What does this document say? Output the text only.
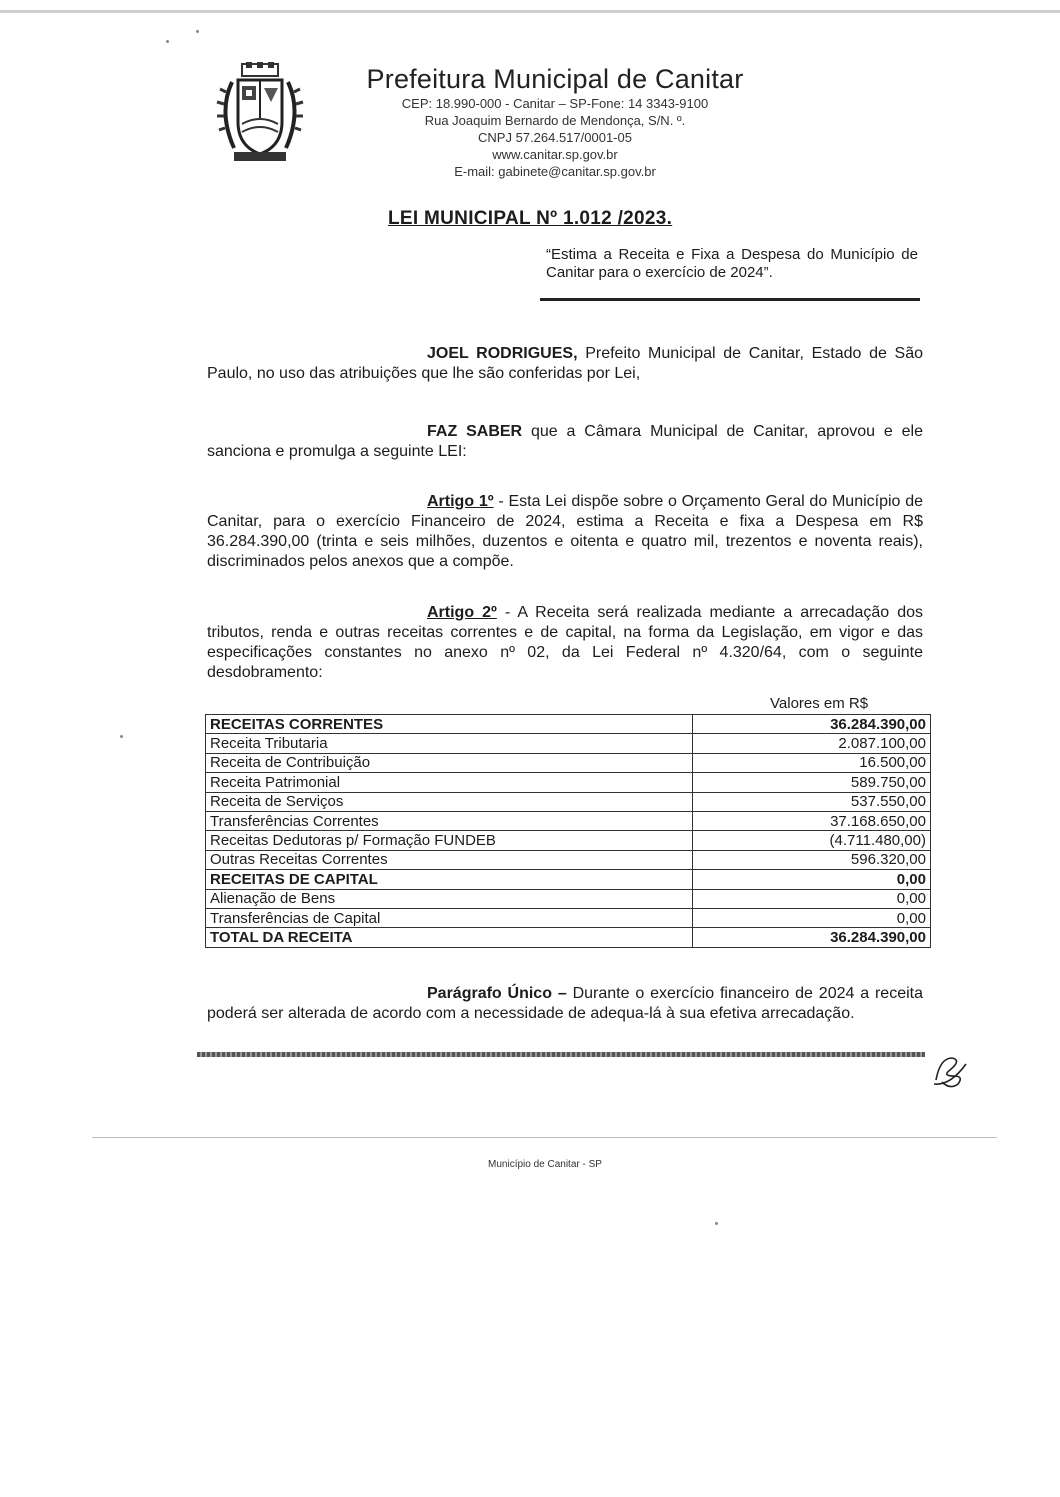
Prefeitura Municipal de Canitar
CEP: 18.990-000 - Canitar – SP-Fone: 14 3343-9100
Rua Joaquim Bernardo de Mendonça, S/N. º.
CNPJ 57.264.517/0001-05
www.canitar.sp.gov.br
E-mail: gabinete@canitar.sp.gov.br
LEI MUNICIPAL Nº 1.012 /2023.
“Estima a Receita e Fixa a Despesa do Município de Canitar para o exercício de 2024”.
JOEL RODRIGUES, Prefeito Municipal de Canitar, Estado de São Paulo, no uso das atribuições que lhe são conferidas por Lei,
FAZ SABER que a Câmara Municipal de Canitar, aprovou e ele sanciona e promulga a seguinte LEI:
Artigo 1º - Esta Lei dispõe sobre o Orçamento Geral do Município de Canitar, para o exercício Financeiro de 2024, estima a Receita e fixa a Despesa em R$ 36.284.390,00 (trinta e seis milhões, duzentos e oitenta e quatro mil, trezentos e noventa reais), discriminados pelos anexos que a compõe.
Artigo 2º - A Receita será realizada mediante a arrecadação dos tributos, renda e outras receitas correntes e de capital, na forma da Legislação, em vigor e das especificações constantes no anexo nº 02, da Lei Federal nº 4.320/64, com o seguinte desdobramento:
Valores em R$
RECEITAS CORRENTES	36.284.390,00
Receita Tributaria	2.087.100,00
Receita de Contribuição	16.500,00
Receita Patrimonial	589.750,00
Receita de Serviços	537.550,00
Transferências Correntes	37.168.650,00
Receitas Dedutoras p/ Formação FUNDEB	(4.711.480,00)
Outras Receitas Correntes	596.320,00
RECEITAS DE CAPITAL	0,00
Alienação de Bens	0,00
Transferências de Capital	0,00
TOTAL DA RECEITA	36.284.390,00
Parágrafo Único – Durante o exercício financeiro de 2024 a receita poderá ser alterada de acordo com a necessidade de adequa-lá à sua efetiva arrecadação.
Município de Canitar - SP
